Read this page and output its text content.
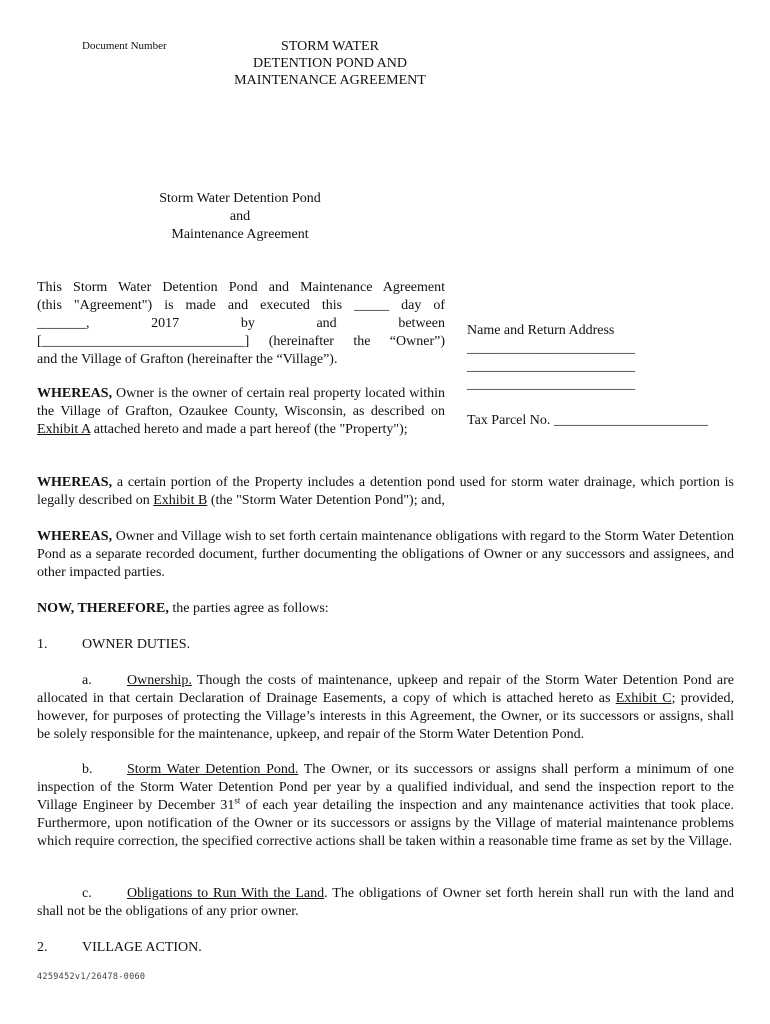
Document Number	STORM WATER
DETENTION POND AND
MAINTENANCE AGREEMENT
Storm Water Detention Pond
and
Maintenance Agreement
This Storm Water Detention Pond and Maintenance Agreement
(this "Agreement") is made and executed this _____ day of
_______,	2017	by	and	between
[_____________________________] (hereinafter the “Owner”)
and the Village of Grafton (hereinafter the “Village”).
Name and Return Address
________________________
________________________
________________________
Tax Parcel No. ______________________
WHEREAS, Owner is the owner of certain real property located within the Village of Grafton, Ozaukee County, Wisconsin, as described on Exhibit A attached hereto and made a part hereof (the "Property");
WHEREAS, a certain portion of the Property includes a detention pond used for storm water drainage, which portion is legally described on Exhibit B (the "Storm Water Detention Pond"); and,
WHEREAS, Owner and Village wish to set forth certain maintenance obligations with regard to the Storm Water Detention Pond as a separate recorded document, further documenting the obligations of Owner or any successors and assignees, and other impacted parties.
NOW, THEREFORE, the parties agree as follows:
1. OWNER DUTIES.
a.	Ownership. Though the costs of maintenance, upkeep and repair of the Storm Water Detention Pond are allocated in that certain Declaration of Drainage Easements, a copy of which is attached hereto as Exhibit C; provided, however, for purposes of protecting the Village’s interests in this Agreement, the Owner, or its successors or assigns, shall be solely responsible for the maintenance, upkeep, and repair of the Storm Water Detention Pond.
b. Storm Water Detention Pond. The Owner, or its successors or assigns shall perform a minimum of one inspection of the Storm Water Detention Pond per year by a qualified individual, and send the inspection report to the Village Engineer by December 31st of each year detailing the inspection and any maintenance activities that took place. Furthermore, upon notification of the Owner or its successors or assigns by the Village of material maintenance problems which require correction, the specified corrective actions shall be taken within a reasonable time frame as set by the Village.
c.	Obligations to Run With the Land. The obligations of Owner set forth herein shall run with the land and shall not be the obligations of any prior owner.
2. VILLAGE ACTION.
4259452v1/26478-0060
